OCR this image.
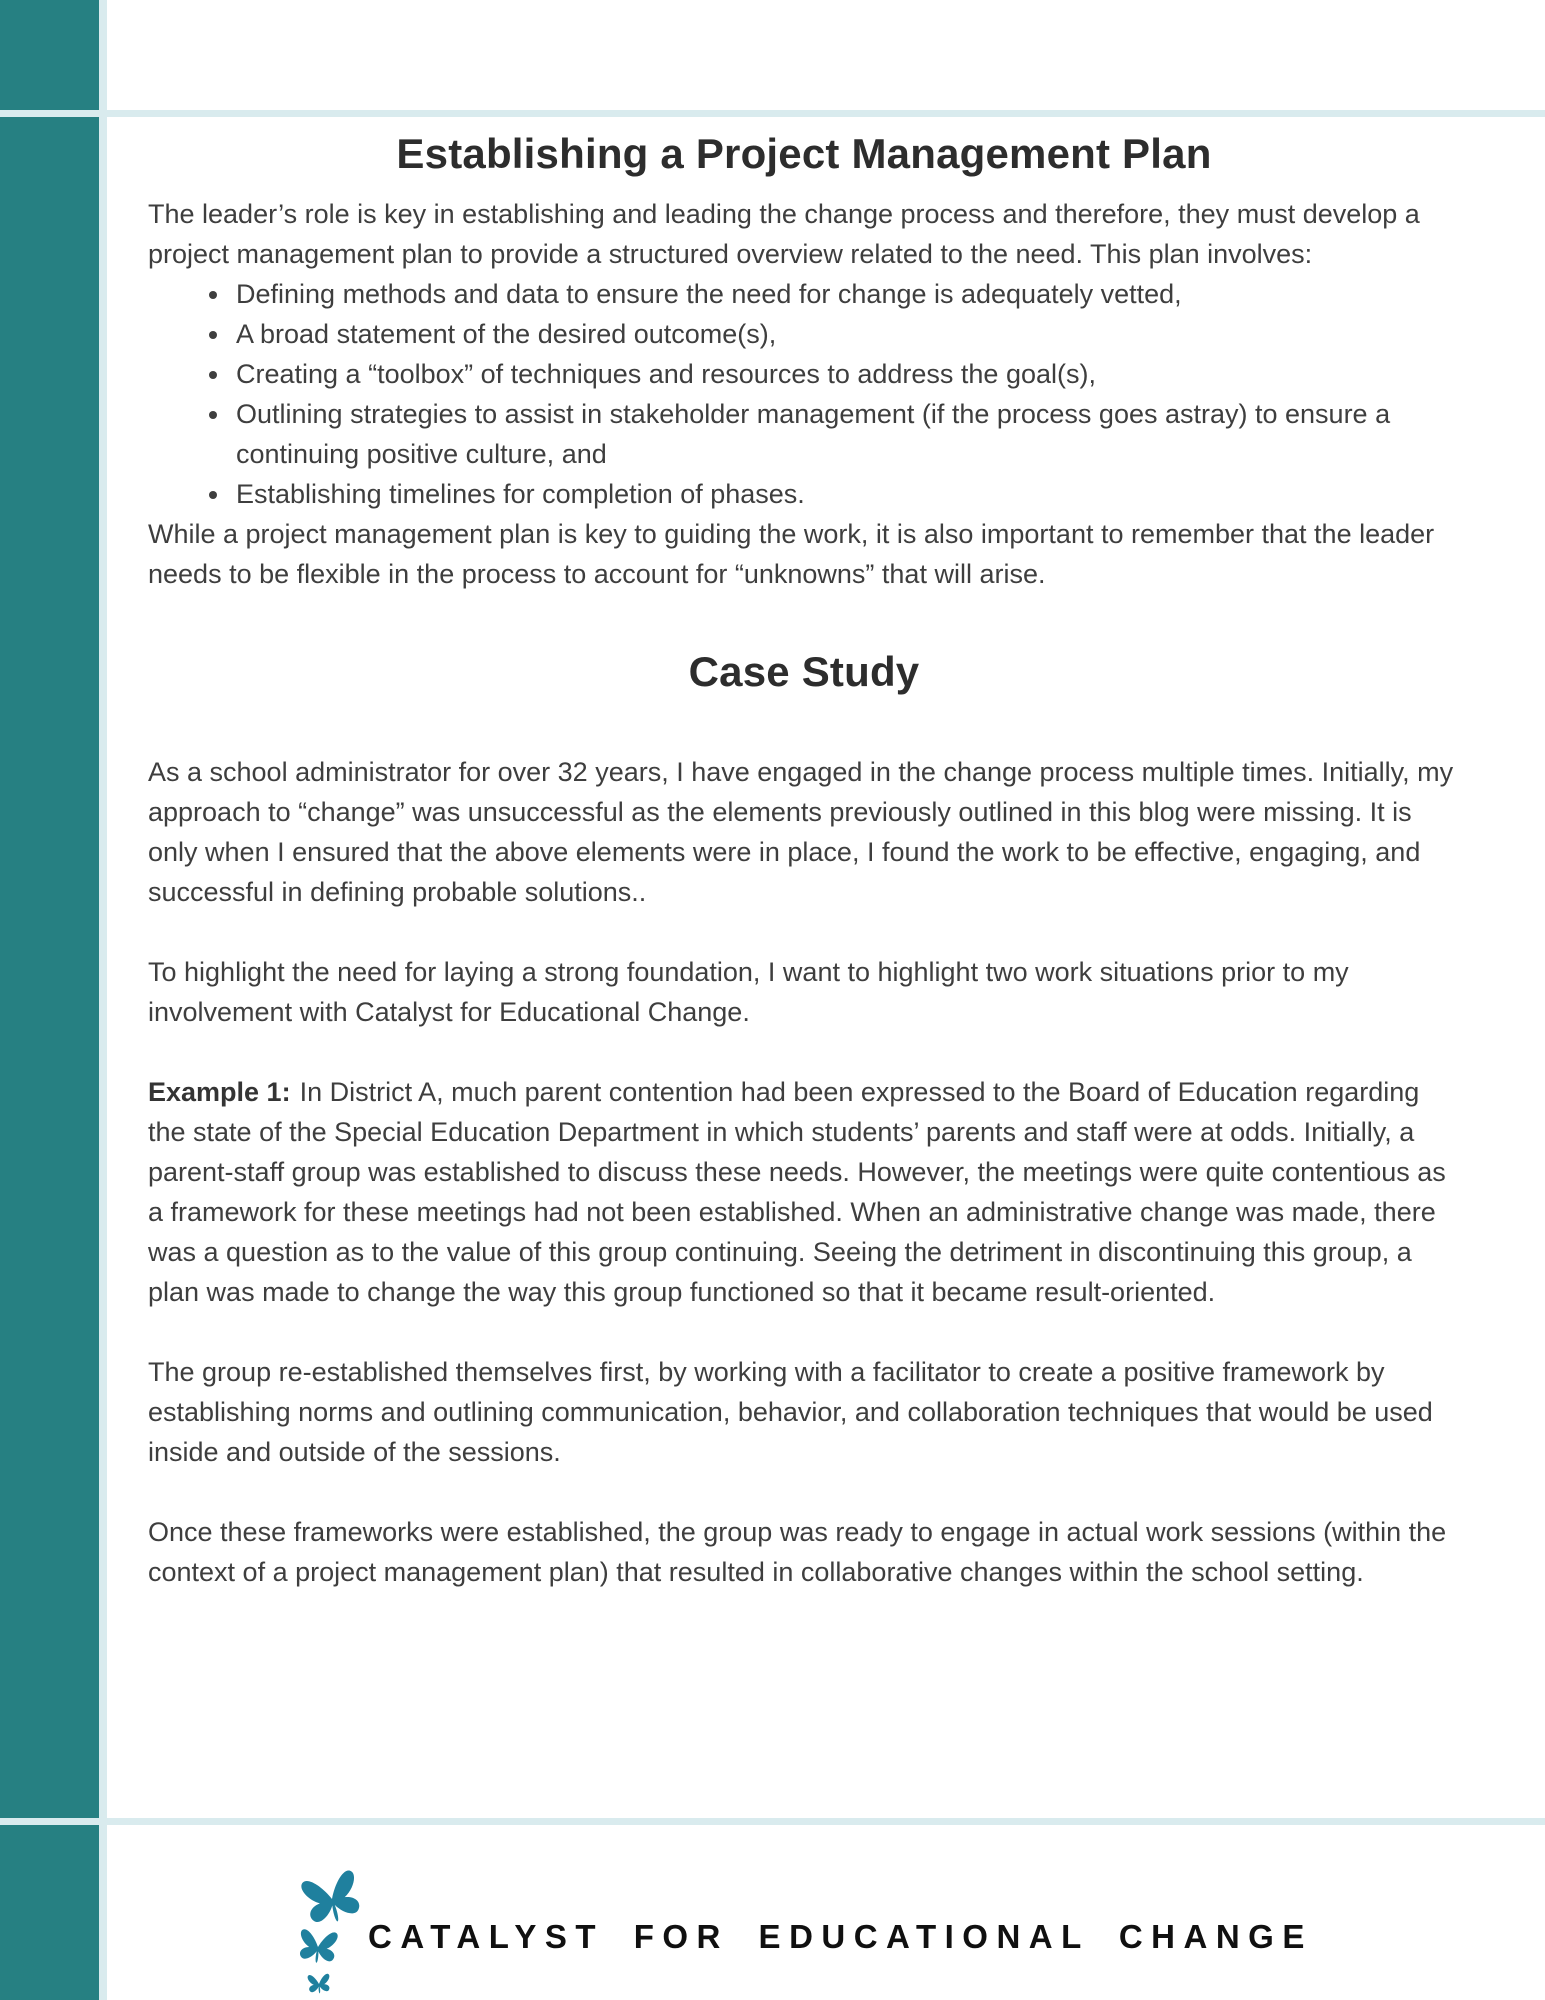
Establishing a Project Management Plan

The leader’s role is key in establishing and leading the change process and therefore, they must develop a project management plan to provide a structured overview related to the need. This plan involves:

• Defining methods and data to ensure the need for change is adequately vetted,
• A broad statement of the desired outcome(s),
• Creating a “toolbox” of techniques and resources to address the goal(s),
• Outlining strategies to assist in stakeholder management (if the process goes astray) to ensure a continuing positive culture, and
• Establishing timelines for completion of phases.

While a project management plan is key to guiding the work, it is also important to remember that the leader needs to be flexible in the process to account for “unknowns” that will arise.

Case Study

As a school administrator for over 32 years, I have engaged in the change process multiple times. Initially, my approach to “change” was unsuccessful as the elements previously outlined in this blog were missing. It is only when I ensured that the above elements were in place, I found the work to be effective, engaging, and successful in defining probable solutions..

To highlight the need for laying a strong foundation, I want to highlight two work situations prior to my involvement with Catalyst for Educational Change.

Example 1: In District A, much parent contention had been expressed to the Board of Education regarding the state of the Special Education Department in which students’ parents and staff were at odds. Initially, a parent-staff group was established to discuss these needs. However, the meetings were quite contentious as a framework for these meetings had not been established. When an administrative change was made, there was a question as to the value of this group continuing. Seeing the detriment in discontinuing this group, a plan was made to change the way this group functioned so that it became result-oriented.

The group re-established themselves first, by working with a facilitator to create a positive framework by establishing norms and outlining communication, behavior, and collaboration techniques that would be used inside and outside of the sessions.

Once these frameworks were established, the group was ready to engage in actual work sessions (within the context of a project management plan) that resulted in collaborative changes within the school setting.

CATALYST FOR EDUCATIONAL CHANGE
